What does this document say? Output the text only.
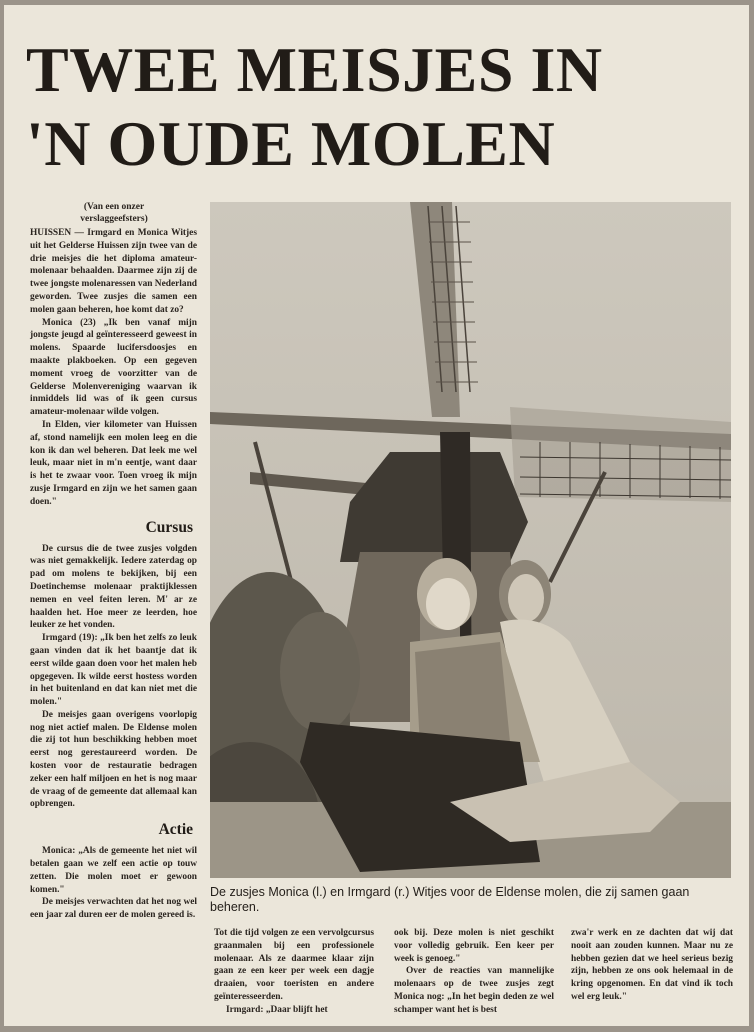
TWEE MEISJES IN
'N OUDE MOLEN
(Van een onzer
verslaggeefsters)

HUISSEN — Irmgard en Monica Witjes uit het Gelderse Huissen zijn twee van de drie meisjes die het diploma amateur-molenaar behaalden. Daarmee zijn zij de twee jongste molenaressen van Nederland geworden. Twee zusjes die samen een molen gaan beheren, hoe komt dat zo?

Monica (23) „Ik ben vanaf mijn jongste jeugd al geïnteresseerd geweest in molens. Spaarde lucifersdoosjes en maakte plakboeken. Op een gegeven moment vroeg de voorzitter van de Gelderse Molenvereniging waarvan ik inmiddels lid was of ik geen cursus amateur-molenaar wilde volgen.

In Elden, vier kilometer van Huissen af, stond namelijk een molen leeg en die kon ik dan wel beheren. Dat leek me wel leuk, maar niet in m'n eentje, want daar is het te zwaar voor. Toen vroeg ik mijn zusje Irmgard en zijn we het samen gaan doen."

Cursus

De cursus die de twee zusjes volgden was niet gemakkelijk. Iedere zaterdag op pad om molens te bekijken, bij een Doetinchemse molenaar praktijklessen nemen en veel feiten leren. M' ar ze haalden het. Hoe meer ze leerden, hoe leuker ze het vonden.

Irmgard (19): „Ik ben het zelfs zo leuk gaan vinden dat ik het baantje dat ik eerst wilde gaan doen voor het malen heb opgegeven. Ik wilde eerst hostess worden in het buitenland en dat kan niet met die molen."

De meisjes gaan overigens voorlopig nog niet actief malen. De Eldense molen die zij tot hun beschikking hebben moet eerst nog gerestaureerd worden. De kosten voor de restauratie bedragen zeker een half miljoen en het is nog maar de vraag of de gemeente dat allemaal kan opbrengen.

Actie

Monica: „Als de gemeente het niet wil betalen gaan we zelf een actie op touw zetten. Die molen moet er gewoon komen."

De meisjes verwachten dat het nog wel een jaar zal duren eer de molen gereed is.

De zusjes Monica (l.) en Irmgard (r.) Witjes voor de Eldense molen, die zij samen gaan beheren.

Tot die tijd volgen ze een vervolgcursus graanmalen bij een professionele molenaar. Als ze daarmee klaar zijn gaan ze een keer per week een dagje draaien, voor toeristen en andere geïnteresseerden.

Irmgard: „Daar blijft het

ook bij. Deze molen is niet geschikt voor volledig gebruik. Een keer per week is genoeg."

Over de reacties van mannelijke molenaars op de twee zusjes zegt Monica nog: „In het begin deden ze wel schamper want het is best

zwa'r werk en ze dachten dat wij dat nooit aan zouden kunnen. Maar nu ze hebben gezien dat we heel serieus bezig zijn, hebben ze ons ook helemaal in de kring opgenomen. En dat vind ik toch wel erg leuk."
